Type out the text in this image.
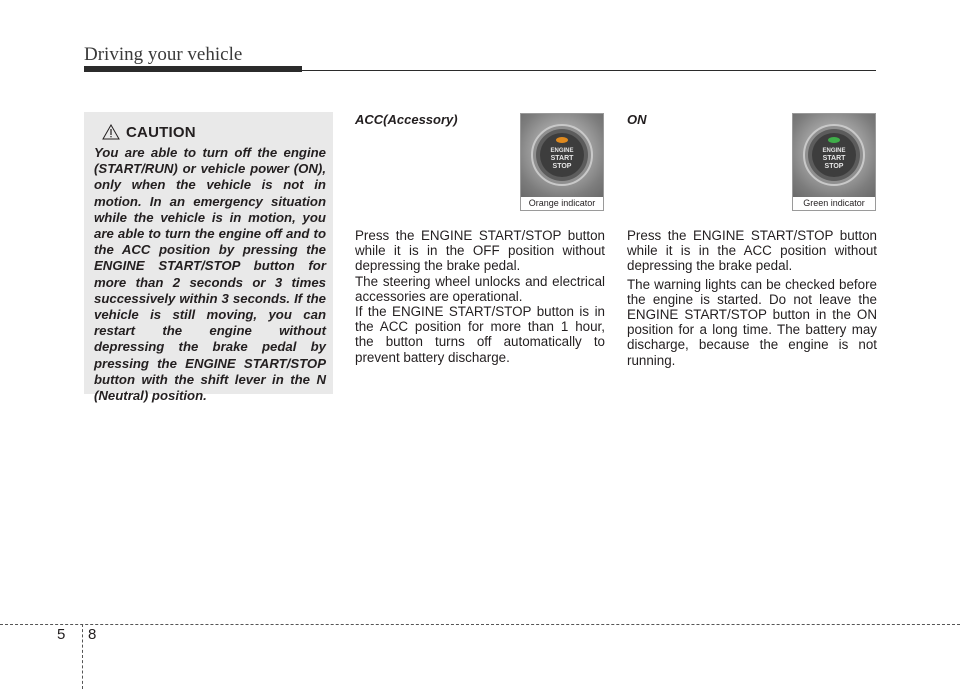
Driving your vehicle
CAUTION
You are able to turn off the engine (START/RUN) or vehicle power (ON), only when the vehicle is not in motion. In an emergency situation while the vehicle is in motion, you are able to turn the engine off and to the ACC position by pressing the ENGINE START/STOP button for more than 2 seconds or 3 times successively within 3 seconds. If the vehicle is still moving, you can restart the engine without depressing the brake pedal by pressing the ENGINE START/STOP button with the shift lever in the N (Neutral) position.
ACC(Accessory)
ENGINE
START
STOP
Orange indicator

Press the ENGINE START/STOP button while it is in the OFF position without depressing the brake pedal.

The steering wheel unlocks and electrical accessories are operational.

If the ENGINE START/STOP button is in the ACC position for more than 1 hour, the button turns off automatically to prevent battery discharge.

ON
ENGINE
START
STOP
Green indicator

Press the ENGINE START/STOP button while it is in the ACC position without depressing the brake pedal.

The warning lights can be checked before the engine is started. Do not leave the ENGINE START/STOP button in the ON position for a long time. The battery may discharge, because the engine is not running.

5 8
